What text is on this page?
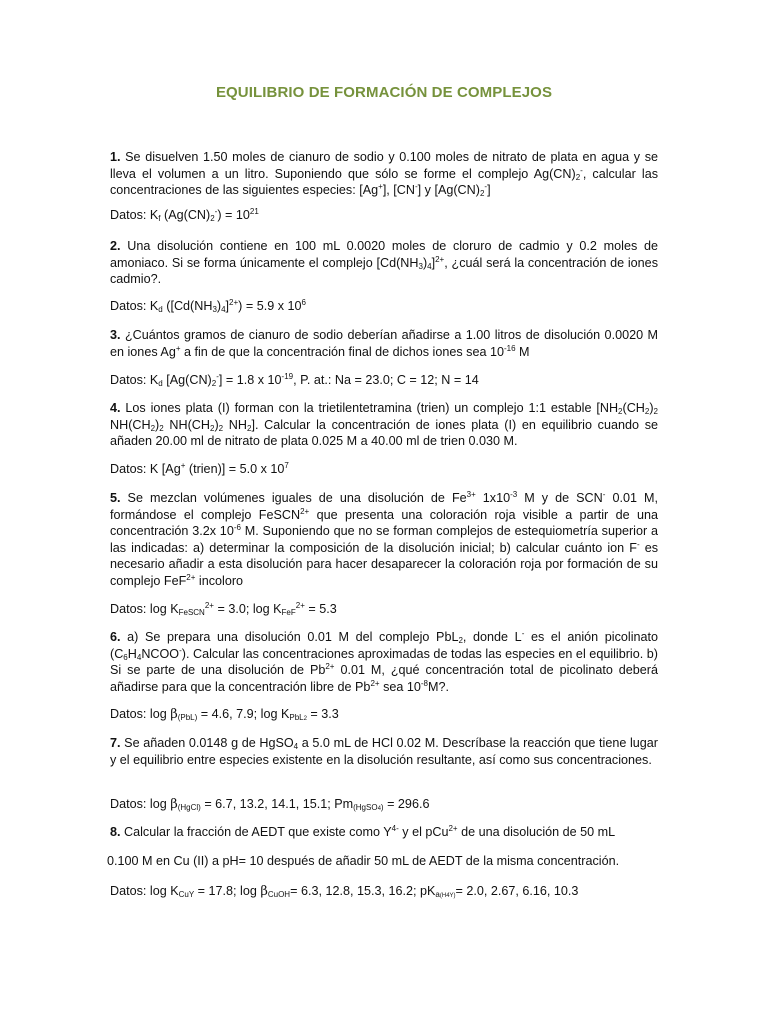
EQUILIBRIO DE FORMACIÓN DE COMPLEJOS
1. Se disuelven 1.50 moles de cianuro de sodio y 0.100 moles de nitrato de plata en agua y se lleva el volumen a un litro. Suponiendo que sólo se forme el complejo $Ag(CN)_2^-$, calcular las concentraciones de las siguientes especies: [Ag+], [CN-] y $[Ag(CN)_2^-]$
Datos: $K_f$ $(Ag(CN)_2^-) = 10^{21}$
2. Una disolución contiene en 100 mL 0.0020 moles de cloruro de cadmio y 0.2 moles de amoniaco. Si se forma únicamente el complejo $[Cd(NH_3)_4]^{2+}$, ¿cuál será la concentración de iones cadmio?.
Datos: $K_d$ $([Cd(NH_3)_4]^{2+}) = 5.9$ x $10^6$
3. ¿Cuántos gramos de cianuro de sodio deberían añadirse a 1.00 litros de disolución 0.0020 M en iones Ag+ a fin de que la concentración final de dichos iones sea $10^{-16}$ M
Datos: $K_d$ $[Ag(CN)_2^-] = 1.8$ x $10^{-19}$, P. at.: Na = 23.0; C = 12; N = 14
4. Los iones plata (I) forman con la trietilentetramina (trien) un complejo 1:1 estable [$NH_2(CH_2)_2$ $NH(CH_2)_2$ $NH(CH_2)_2$ $NH_2$]. Calcular la concentración de iones plata (I) en equilibrio cuando se añaden 20.00 ml de nitrato de plata 0.025 M a 40.00 ml de trien 0.030 M.
Datos: K [Ag+ (trien)] = 5.0 x $10^7$
5. Se mezclan volúmenes iguales de una disolución de $Fe^{3+}$ $1x10^{-3}$ M y de SCN- 0.01 M, formándose el complejo FeSCN$^{2+}$ que presenta una coloración roja visible a partir de una concentración 3.2x $10^{-6}$ M. Suponiendo que no se forman complejos de estequiometría superior a las indicadas: a) determinar la composición de la disolución inicial; b) calcular cuánto ion F- es necesario añadir a esta disolución para hacer desaparecer la coloración roja por formación de su complejo FeF$^{2+}$ incoloro
Datos: $\log K_{FeSCN}^{2+} = 3.0$; $\log K_{FeF}^{2+} = 5.3$
6. a) Se prepara una disolución 0.01 M del complejo PbL$_2$, donde L- es el anión picolinato $(C_6H_4NCOO^-)$. Calcular las concentraciones aproximadas de todas las especies en el equilibrio. b) Si se parte de una disolución de $Pb^{2+}$ 0.01 M, ¿qué concentración total de picolinato deberá añadirse para que la concentración libre de $Pb^{2+}$ sea $10^{-8}M$?.
Datos: $\log \beta_{(PbL)} = 4.6$, 7.9; $\log K_{PbL2} = 3.3$
7. Se añaden 0.0148 g de HgSO$_4$ a 5.0 mL de HCl 0.02 M. Descríbase la reacción que tiene lugar y el equilibrio entre especies existente en la disolución resultante, así como sus concentraciones.
Datos: $\log \beta_{(HgCl)} = 6.7$, 13.2, 14.1, 15.1; $Pm_{(HgSO4)} = 296.6$
8. Calcular la fracción de AEDT que existe como $Y^{4-}$ y el pCu$^{2+}$ de una disolución de 50 mL
0.100 M en Cu (II) a pH= 10 después de añadir 50 mL de AEDT de la misma concentración.
Datos: $\log K_{CuY} = 17.8$; $\log \beta_{CuOH}= 6.3$, 12.8, 15.3, 16.2; $pK_{a(H4Y)}= 2.0$, 2.67, 6.16, 10.3
